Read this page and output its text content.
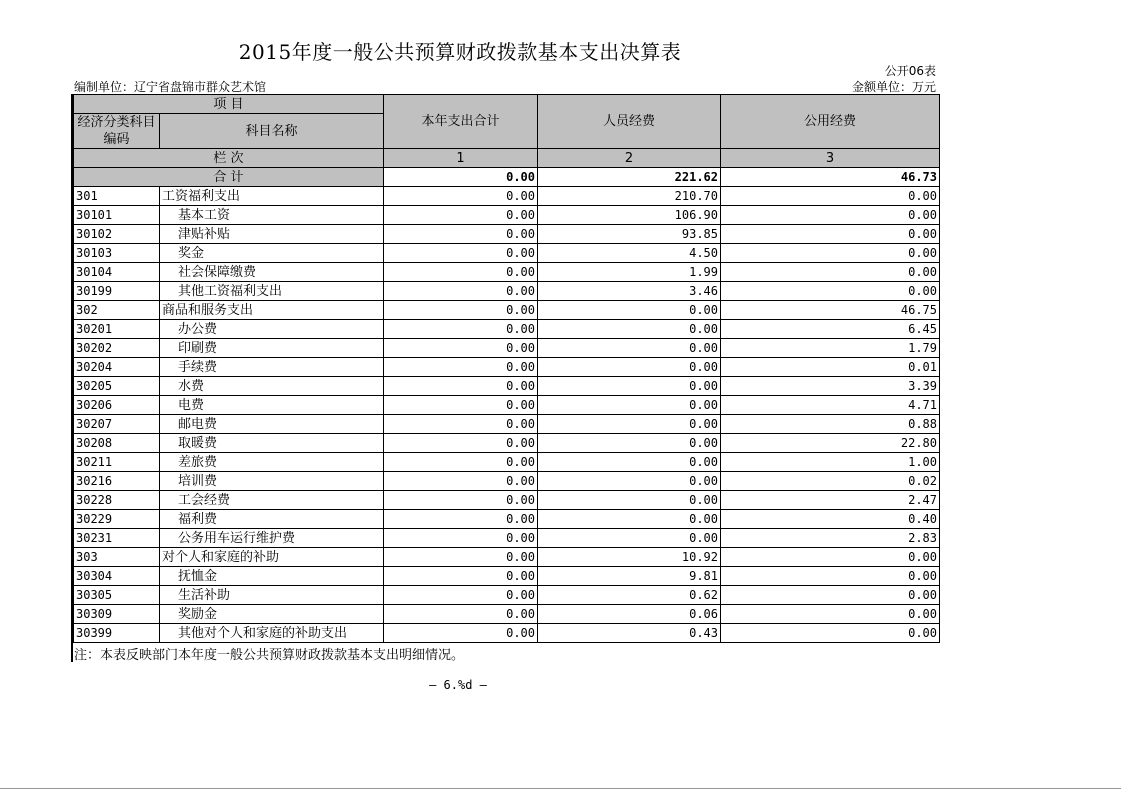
2015年度一般公共预算财政拨款基本支出决算表
公开06表
编制单位：辽宁省盘锦市群众艺术馆	金额单位：万元
项 目		本年支出合计	人员经费	公用经费
经济分类科目编码	科目名称			

栏 次		1	2	3
合 计		0.00	221.62	46.73
301	工资福利支出	0.00	210.70	0.00
30101	基本工资	0.00	106.90	0.00
30102	津贴补贴	0.00	93.85	0.00
30103	奖金	0.00	4.50	0.00
30104	社会保障缴费	0.00	1.99	0.00
30199	其他工资福利支出	0.00	3.46	0.00
302	商品和服务支出	0.00	0.00	46.75
30201	办公费	0.00	0.00	6.45
30202	印刷费	0.00	0.00	1.79
30204	手续费	0.00	0.00	0.01
30205	水费	0.00	0.00	3.39
30206	电费	0.00	0.00	4.71
30207	邮电费	0.00	0.00	0.88
30208	取暖费	0.00	0.00	22.80
30211	差旅费	0.00	0.00	1.00
30216	培训费	0.00	0.00	0.02
30228	工会经费	0.00	0.00	2.47
30229	福利费	0.00	0.00	0.40
30231	公务用车运行维护费	0.00	0.00	2.83
303	对个人和家庭的补助	0.00	10.92	0.00
30304	抚恤金	0.00	9.81	0.00
30305	生活补助	0.00	0.62	0.00
30309	奖励金	0.00	0.06	0.00
30399	其他对个人和家庭的补助支出	0.00	0.43	0.00
注：本表反映部门本年度一般公共预算财政拨款基本支出明细情况。
— 6.%d —
